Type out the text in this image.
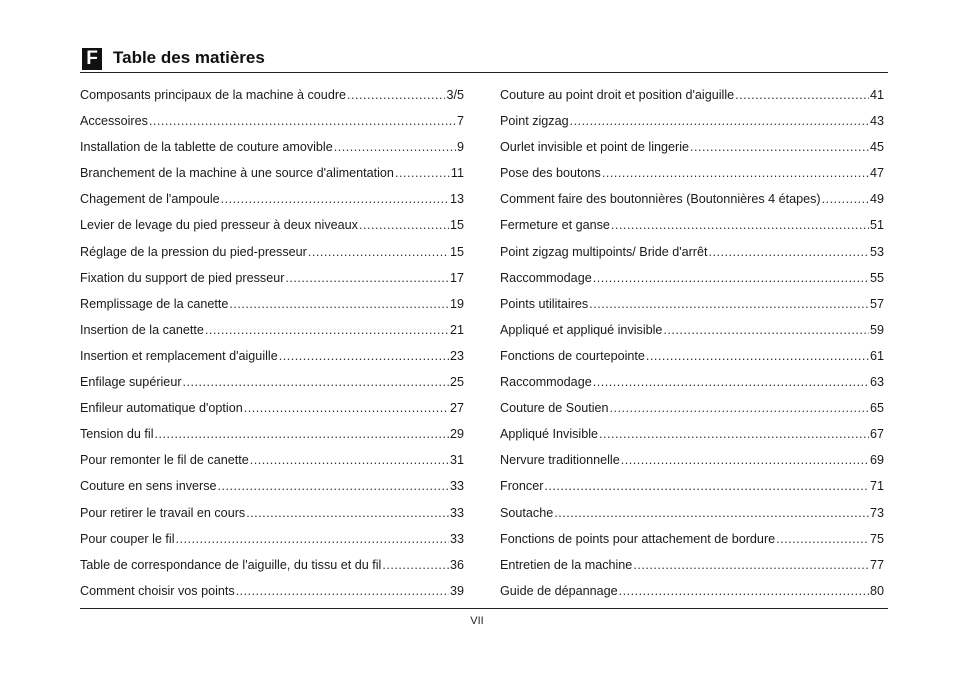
F Table des matières
Composants principaux de la machine à coudre .....	3/5
Accessoires .....	7
Installation de la tablette de couture amovible .....	9
Branchement de la machine à une source d'alimentation .....	11
Chagement de l'ampoule .....	13
Levier de levage du pied presseur à deux niveaux .....	15
Réglage de la pression du pied-presseur .....	15
Fixation du support de pied presseur .....	17
Remplissage de la canette .....	19
Insertion de la canette .....	21
Insertion et remplacement d'aiguille .....	23
Enfilage supérieur .....	25
Enfileur automatique d'option .....	27
Tension du fil .....	29
Pour remonter le fil de canette .....	31
Couture en sens inverse .....	33
Pour retirer le travail en cours .....	33
Pour couper le fil .....	33
Table de correspondance de l'aiguille, du tissu et du fil .....	36
Comment choisir vos points .....	39
Couture au point droit et position d'aiguille .....	41
Point zigzag .....	43
Ourlet invisible et point de lingerie .....	45
Pose des boutons .....	47
Comment faire des boutonnières (Boutonnières 4 étapes) .....	49
Fermeture et ganse .....	51
Point zigzag multipoints/ Bride d'arrêt .....	53
Raccommodage .....	55
Points utilitaires .....	57
Appliqué et appliqué invisible .....	59
Fonctions de courtepointe .....	61
Raccommodage .....	63
Couture de Soutien .....	65
Appliqué Invisible .....	67
Nervure traditionnelle .....	69
Froncer .....	71
Soutache .....	73
Fonctions de points pour attachement de bordure .....	75
Entretien de la machine .....	77
Guide de dépannage .....	80
VII
